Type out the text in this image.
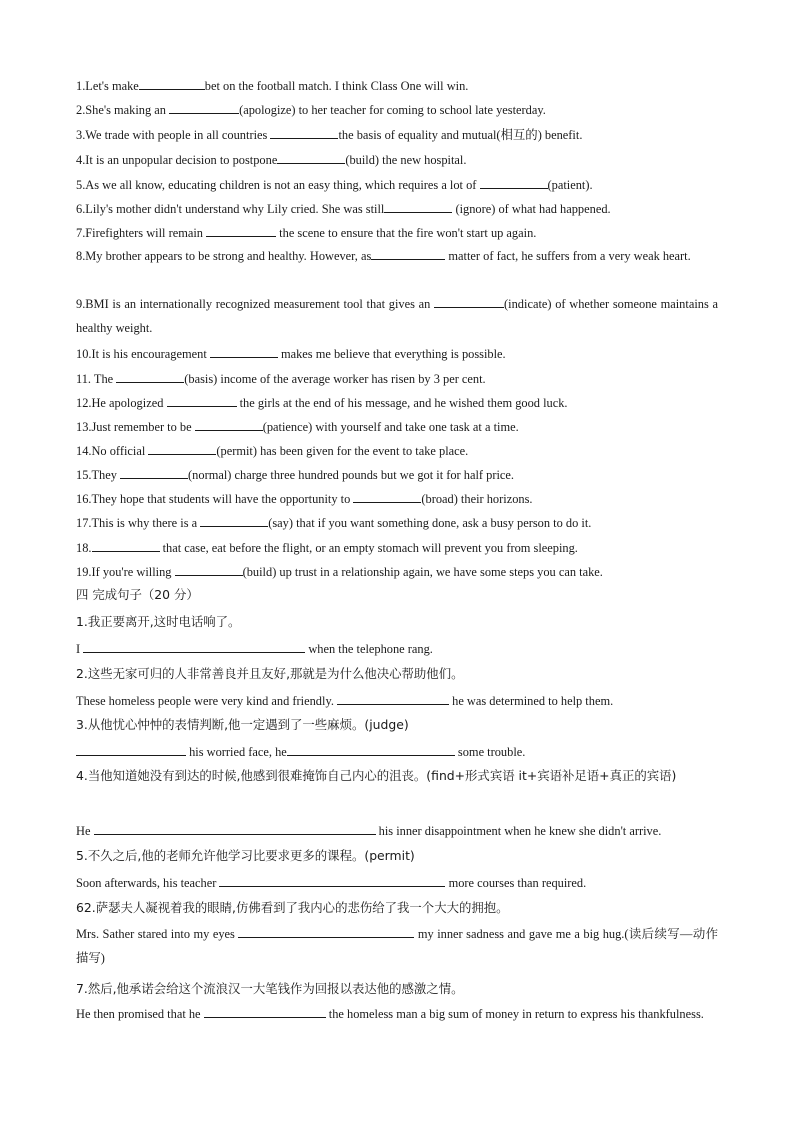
1.Let's make	bet on the football match. I think Class One will win.
2.She's making an	(apologize) to her teacher for coming to school late yesterday.
3.We trade with people in all countries	the basis of equality and mutual(相互的) benefit.
4.It is an unpopular decision to postpone	(build) the new hospital.
5.As we all know, educating children is not an easy thing, which requires a lot of	(patient).
6.Lily's mother didn't understand why Lily cried. She was still	(ignore) of what had happened.
7.Firefighters will remain	the scene to ensure that the fire won't start up again.
8.My brother appears to be strong and healthy. However, as	matter of fact, he suffers from a very weak heart.
9.BMI is an internationally recognized measurement tool that gives an	(indicate) of whether someone maintains a healthy weight.
10.It is his encouragement	makes me believe that everything is possible.
11. The	(basis) income of the average worker has risen by 3 per cent.
12.He apologized	the girls at the end of his message, and he wished them good luck.
13.Just remember to be	(patience) with yourself and take one task at a time.
14.No official	(permit) has been given for the event to take place.
15.They	(normal) charge three hundred pounds but we got it for half price.
16.They hope that students will have the opportunity to	(broad) their horizons.
17.This is why there is a	(say) that if you want something done, ask a busy person to do it.
18.	that case, eat before the flight, or an empty stomach will prevent you from sleeping.
19.If you're willing	(build) up trust in a relationship again, we have some steps you can take.
四 完成句子（20 分）
1.我正要离开,这时电话响了。
I	when the telephone rang.
2.这些无家可归的人非常善良并且友好,那就是为什么他决心帮助他们。
These homeless people were very kind and friendly.	he was determined to help them.
3.从他忧心忡忡的表情判断,他一定遇到了一些麻烦。(judge)
his worried face, he	some trouble.
4.当他知道她没有到达的时候,他感到很难掩饰自己内心的沮丧。(find+形式宾语 it+宾语补足语+真正的宾语)
He	his inner disappointment when he knew she didn't arrive.
5.不久之后,他的老师允许他学习比要求更多的课程。(permit)
Soon afterwards, his teacher	more courses than required.
62.萨瑟夫人凝视着我的眼睛,仿佛看到了我内心的悲伤给了我一个大大的拥抱。
Mrs. Sather stared into my eyes	my inner sadness and gave me a big hug.(读后续写—动作描写)
7.然后,他承诺会给这个流浪汉一大笔钱作为回报以表达他的感激之情。
He then promised that he	the homeless man a big sum of money in return to express his thankfulness.
